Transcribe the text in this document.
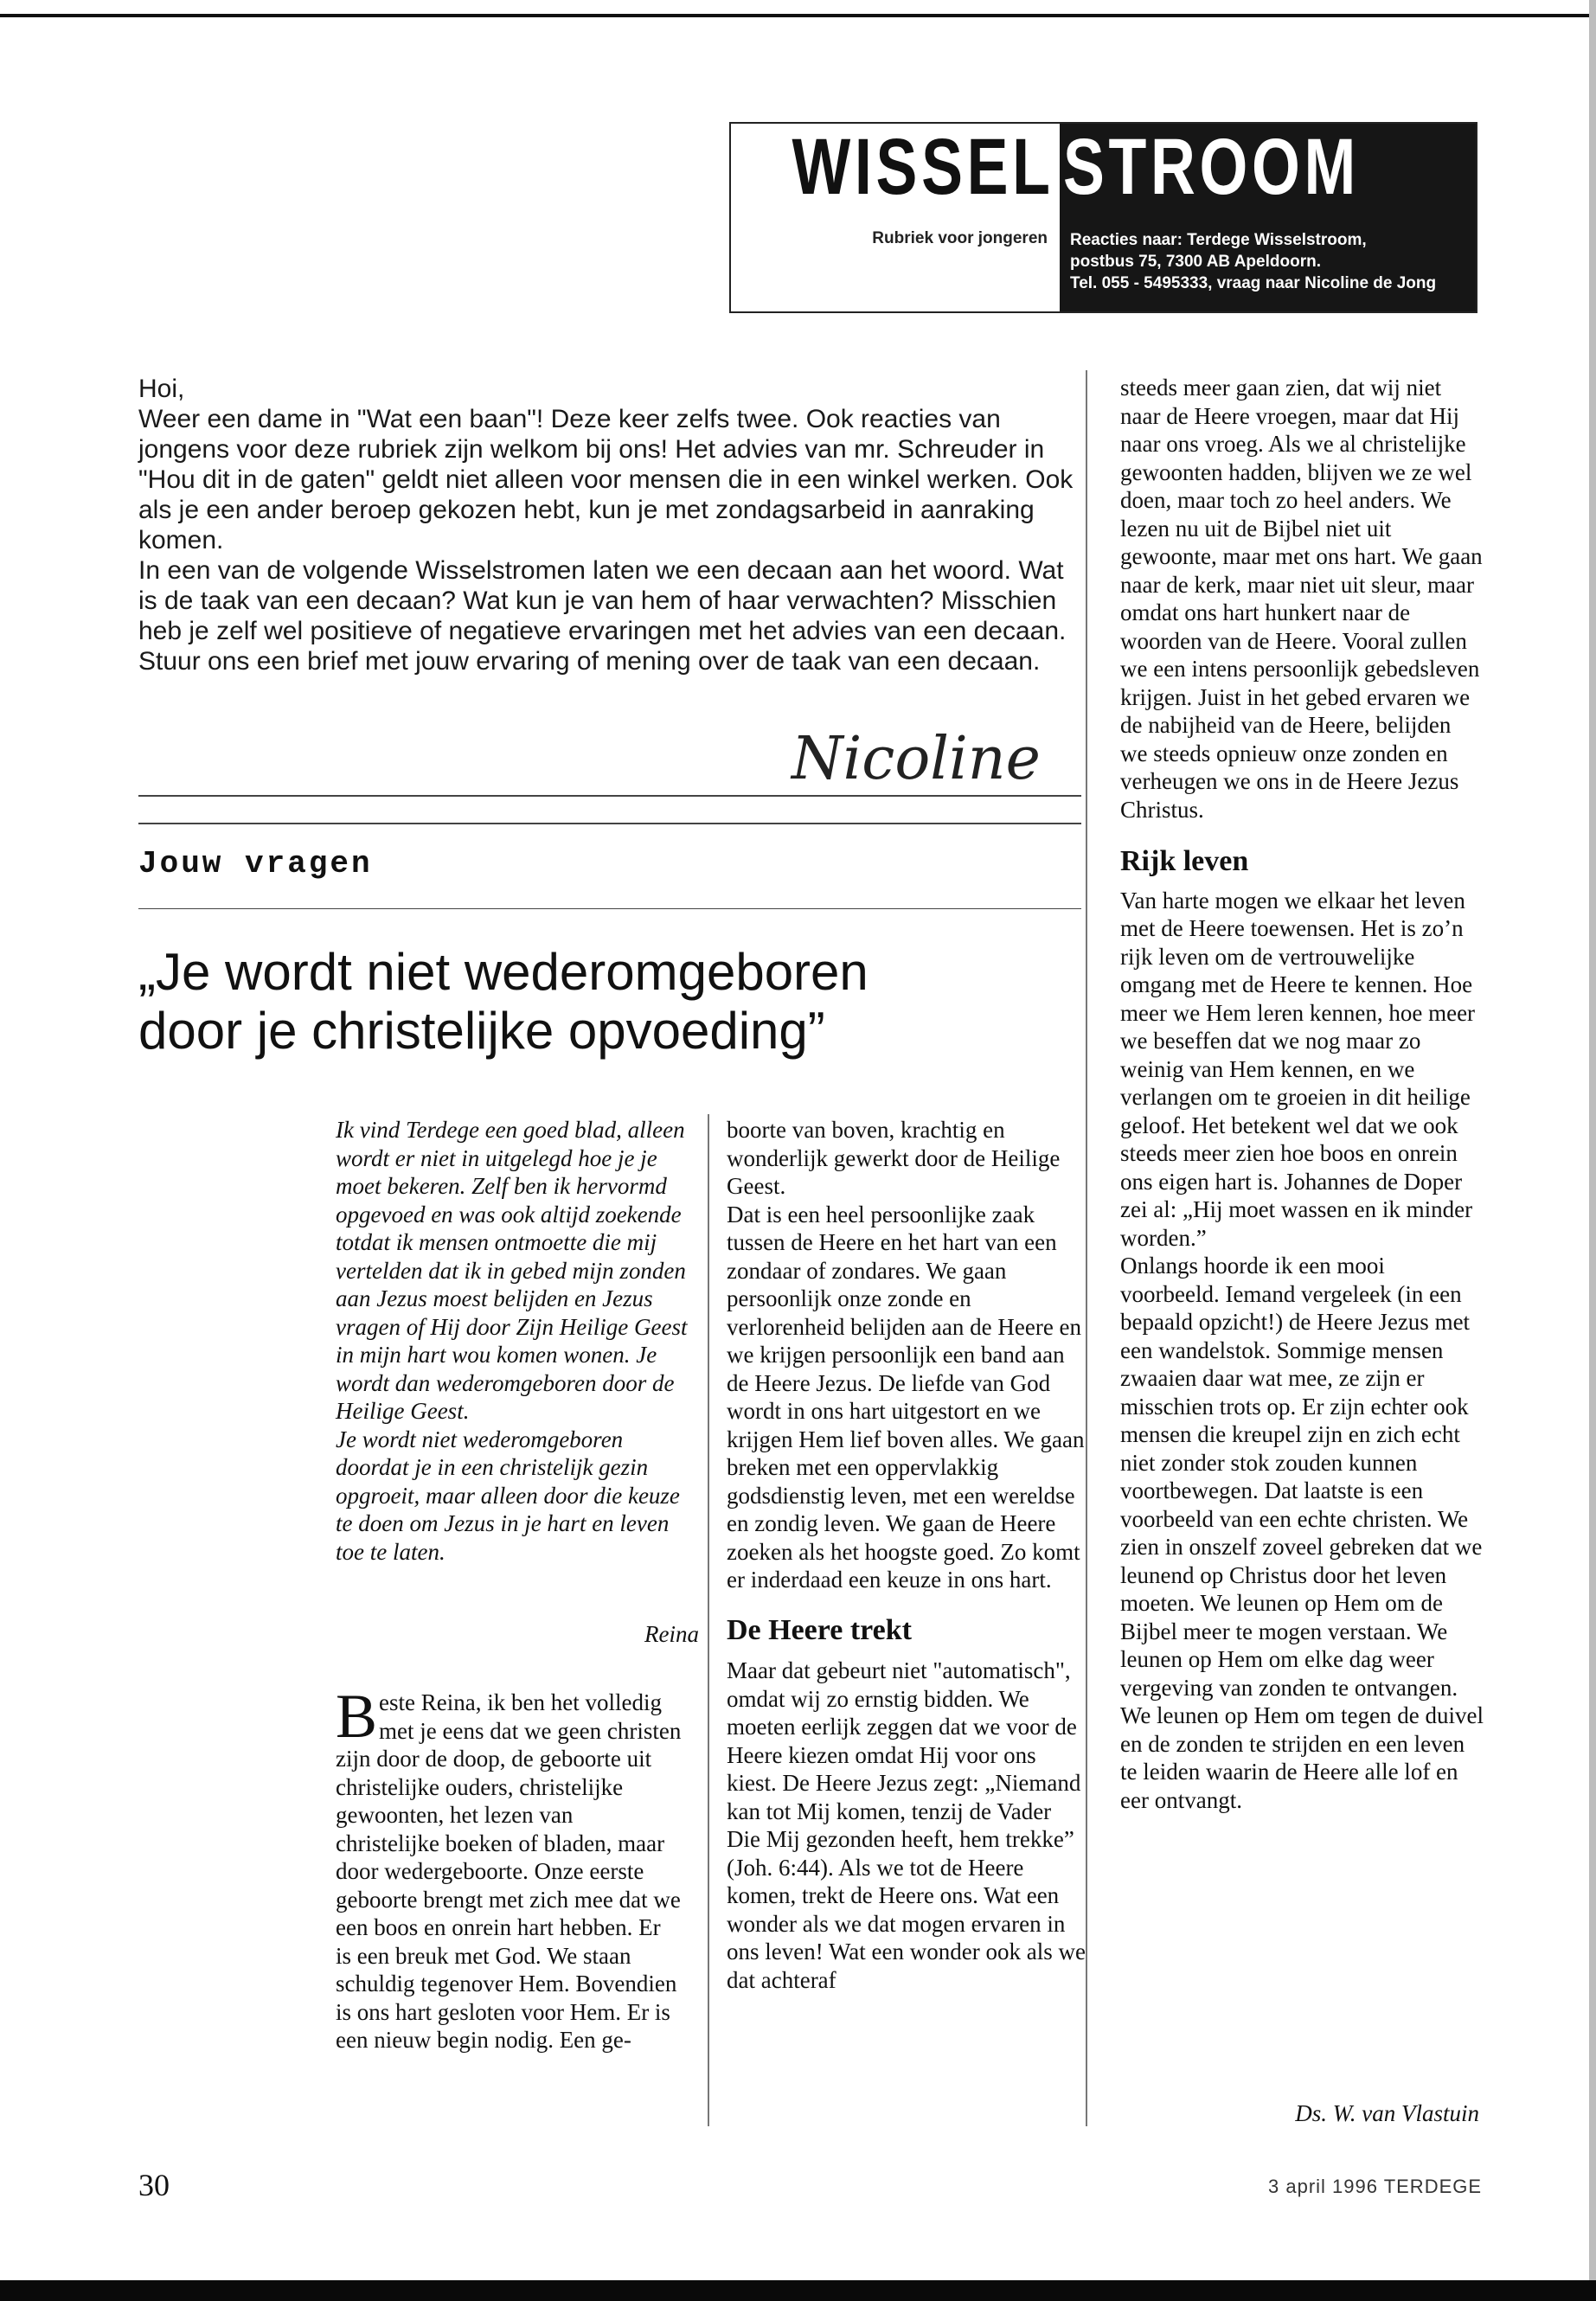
WISSEL
Rubriek voor jongeren
STROOM
Reacties naar: Terdege Wisselstroom,
postbus 75, 7300 AB Apeldoorn.
Tel. 055 - 5495333, vraag naar Nicoline de Jong

Hoi,

Weer een dame in "Wat een baan"! Deze keer zelfs twee. Ook reacties van jongens voor deze rubriek zijn welkom bij ons! Het advies van mr. Schreuder in "Hou dit in de gaten" geldt niet alleen voor mensen die in een winkel werken. Ook als je een ander beroep gekozen hebt, kun je met zondagsarbeid in aanraking komen.

In een van de volgende Wisselstromen laten we een decaan aan het woord. Wat is de taak van een decaan? Wat kun je van hem of haar verwachten? Misschien heb je zelf wel positieve of negatieve ervaringen met het advies van een decaan. Stuur ons een brief met jouw ervaring of mening over de taak van een decaan.

Nicoline
Jouw vragen
„Je wordt niet wederomgeboren
door je christelijke opvoeding”

Ik vind Terdege een goed blad, alleen wordt er niet in uitgelegd hoe je je moet bekeren. Zelf ben ik hervormd opgevoed en was ook altijd zoekende totdat ik mensen ontmoette die mij vertelden dat ik in gebed mijn zonden aan Jezus moest belijden en Jezus vragen of Hij door Zijn Heilige Geest in mijn hart wou komen wonen. Je wordt dan wederomgeboren door de Heilige Geest.

Je wordt niet wederomgeboren doordat je in een christelijk gezin opgroeit, maar alleen door die keuze te doen om Jezus in je hart en leven toe te laten.

Reina
Beste Reina, ik ben het volledig met je eens dat we geen christen zijn door de doop, de geboorte uit christelijke ouders, christelijke gewoonten, het lezen van christelijke boeken of bladen, maar door wedergeboorte. Onze eerste geboorte brengt met zich mee dat we een boos en onrein hart hebben. Er is een breuk met God. We staan schuldig tegenover Hem. Bovendien is ons hart gesloten voor Hem. Er is een nieuw begin nodig. Een ge-

boorte van boven, krachtig en wonderlijk gewerkt door de Heilige Geest.

Dat is een heel persoonlijke zaak tussen de Heere en het hart van een zondaar of zondares. We gaan persoonlijk onze zonde en verlorenheid belijden aan de Heere en we krijgen persoonlijk een band aan de Heere Jezus. De liefde van God wordt in ons hart uitgestort en we krijgen Hem lief boven alles. We gaan breken met een oppervlakkig godsdienstig leven, met een wereldse en zondig leven. We gaan de Heere zoeken als het hoogste goed. Zo komt er inderdaad een keuze in ons hart.

De Heere trekt

Maar dat gebeurt niet "automatisch", omdat wij zo ernstig bidden. We moeten eerlijk zeggen dat we voor de Heere kiezen omdat Hij voor ons kiest. De Heere Jezus zegt: „Niemand kan tot Mij komen, tenzij de Vader Die Mij gezonden heeft, hem trekke” (Joh. 6:44). Als we tot de Heere komen, trekt de Heere ons. Wat een wonder als we dat mogen ervaren in ons leven! Wat een wonder ook als we dat achteraf

steeds meer gaan zien, dat wij niet naar de Heere vroegen, maar dat Hij naar ons vroeg. Als we al christelijke gewoonten hadden, blijven we ze wel doen, maar toch zo heel anders. We lezen nu uit de Bijbel niet uit gewoonte, maar met ons hart. We gaan naar de kerk, maar niet uit sleur, maar omdat ons hart hunkert naar de woorden van de Heere. Vooral zullen we een intens persoonlijk gebedsleven krijgen. Juist in het gebed ervaren we de nabijheid van de Heere, belijden we steeds opnieuw onze zonden en verheugen we ons in de Heere Jezus Christus.

Rijk leven

Van harte mogen we elkaar het leven met de Heere toewensen. Het is zo’n rijk leven om de vertrouwelijke omgang met de Heere te kennen. Hoe meer we Hem leren kennen, hoe meer we beseffen dat we nog maar zo weinig van Hem kennen, en we verlangen om te groeien in dit heilige geloof. Het betekent wel dat we ook steeds meer zien hoe boos en onrein ons eigen hart is. Johannes de Doper zei al: „Hij moet wassen en ik minder worden.”

Onlangs hoorde ik een mooi voorbeeld. Iemand vergeleek (in een bepaald opzicht!) de Heere Jezus met een wandelstok. Sommige mensen zwaaien daar wat mee, ze zijn er misschien trots op. Er zijn echter ook mensen die kreupel zijn en zich echt niet zonder stok zouden kunnen voortbewegen. Dat laatste is een voorbeeld van een echte christen. We zien in onszelf zoveel gebreken dat we leunend op Christus door het leven moeten. We leunen op Hem om de Bijbel meer te mogen verstaan. We leunen op Hem om elke dag weer vergeving van zonden te ontvangen. We leunen op Hem om tegen de duivel en de zonden te strijden en een leven te leiden waarin de Heere alle lof en eer ontvangt.

Ds. W. van Vlastuin
30	3 april 1996 TERDEGE
